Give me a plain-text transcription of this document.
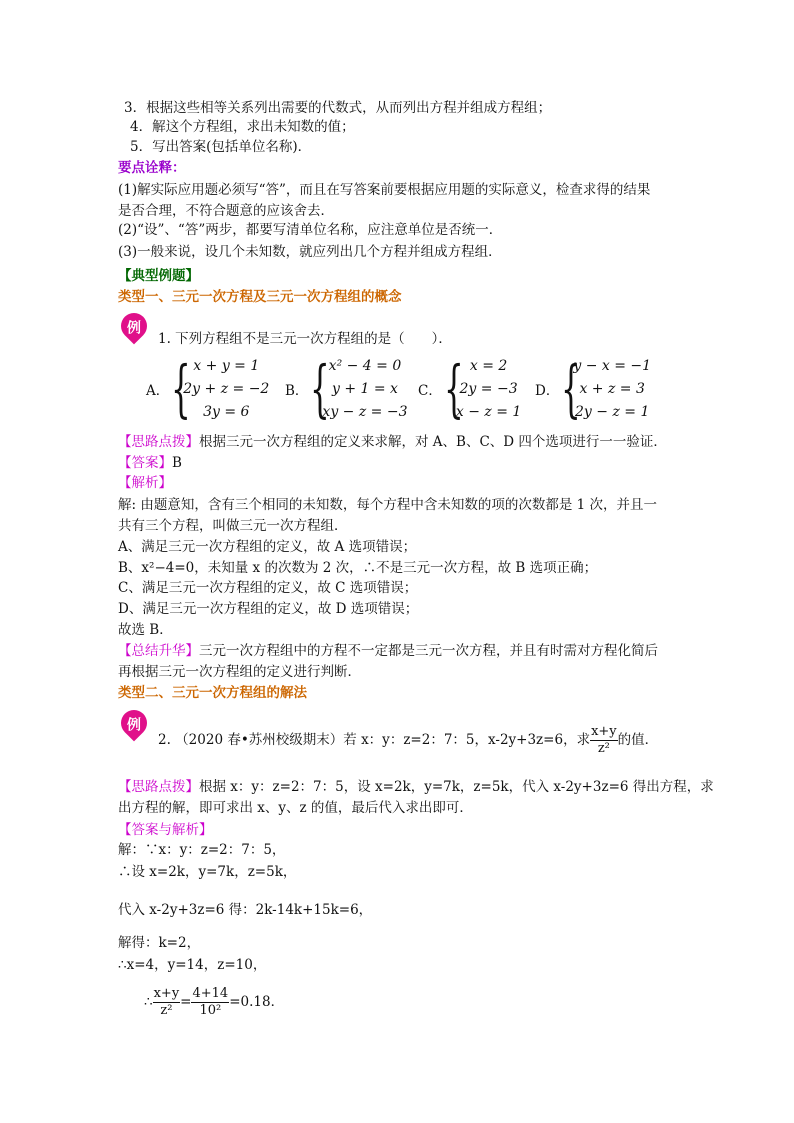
3．根据这些相等关系列出需要的代数式，从而列出方程并组成方程组；
4．解这个方程组，求出未知数的值；
5．写出答案(包括单位名称)．
要点诠释：
(1)解实际应用题必须写“答”，而且在写答案前要根据应用题的实际意义，检查求得的结果
是否合理，不符合题意的应该舍去．
(2)“设”、“答”两步，都要写清单位名称，应注意单位是否统一．
(3)一般来说，设几个未知数，就应列出几个方程并组成方程组．
【典型例题】
类型一、三元一次方程及三元一次方程组的概念
例
1. 下列方程组不是三元一次方程组的是（　　）．
A． { x + y = 1
2y + z = −2
3y = 6
B． {
x² − 4 = 0
y + 1 = x
xy − z = −3
C． { x = 2
2y = −3
x − z = 1
D． {
y − x = −1
x + z = 3
2y − z = 1
【思路点拨】根据三元一次方程组的定义来求解，对 A、B、C、D 四个选项进行一一验证．
【答案】B
【解析】
解: 由题意知，含有三个相同的未知数，每个方程中含未知数的项的次数都是 1 次，并且一
共有三个方程，叫做三元一次方程组．
A、满足三元一次方程组的定义，故 A 选项错误；
B、x²−4=0，未知量 x 的次数为 2 次，∴不是三元一次方程，故 B 选项正确；
C、满足三元一次方程组的定义，故 C 选项错误；
D、满足三元一次方程组的定义，故 D 选项错误；
故选 B．
【总结升华】三元一次方程组中的方程不一定都是三元一次方程，并且有时需对方程化简后
再根据三元一次方程组的定义进行判断．
类型二、三元一次方程组的解法
例
2. （2020 春•苏州校级期末）若 x：y：z=2：7：5，x-2y+3z=6，求 $\frac{x+y}{\text{z²}}$ 的值．
【思路点拨】根据 x：y：z=2：7：5，设 x=2k，y=7k，z=5k，代入 x-2y+3z=6 得出方程，求
出方程的解，即可求出 x、y、z 的值，最后代入求出即可．
【答案与解析】
解：∵x：y：z=2：7：5，
∴设 x=2k，y=7k，z=5k，
代入 x-2y+3z=6 得：2k-14k+15k=6，
解得：k=2，
∴x=4，y=14，z=10，
∴ $\frac{x+y}{\text{z²}} = \frac{4+14}{\text{10²}} =0.18$．
